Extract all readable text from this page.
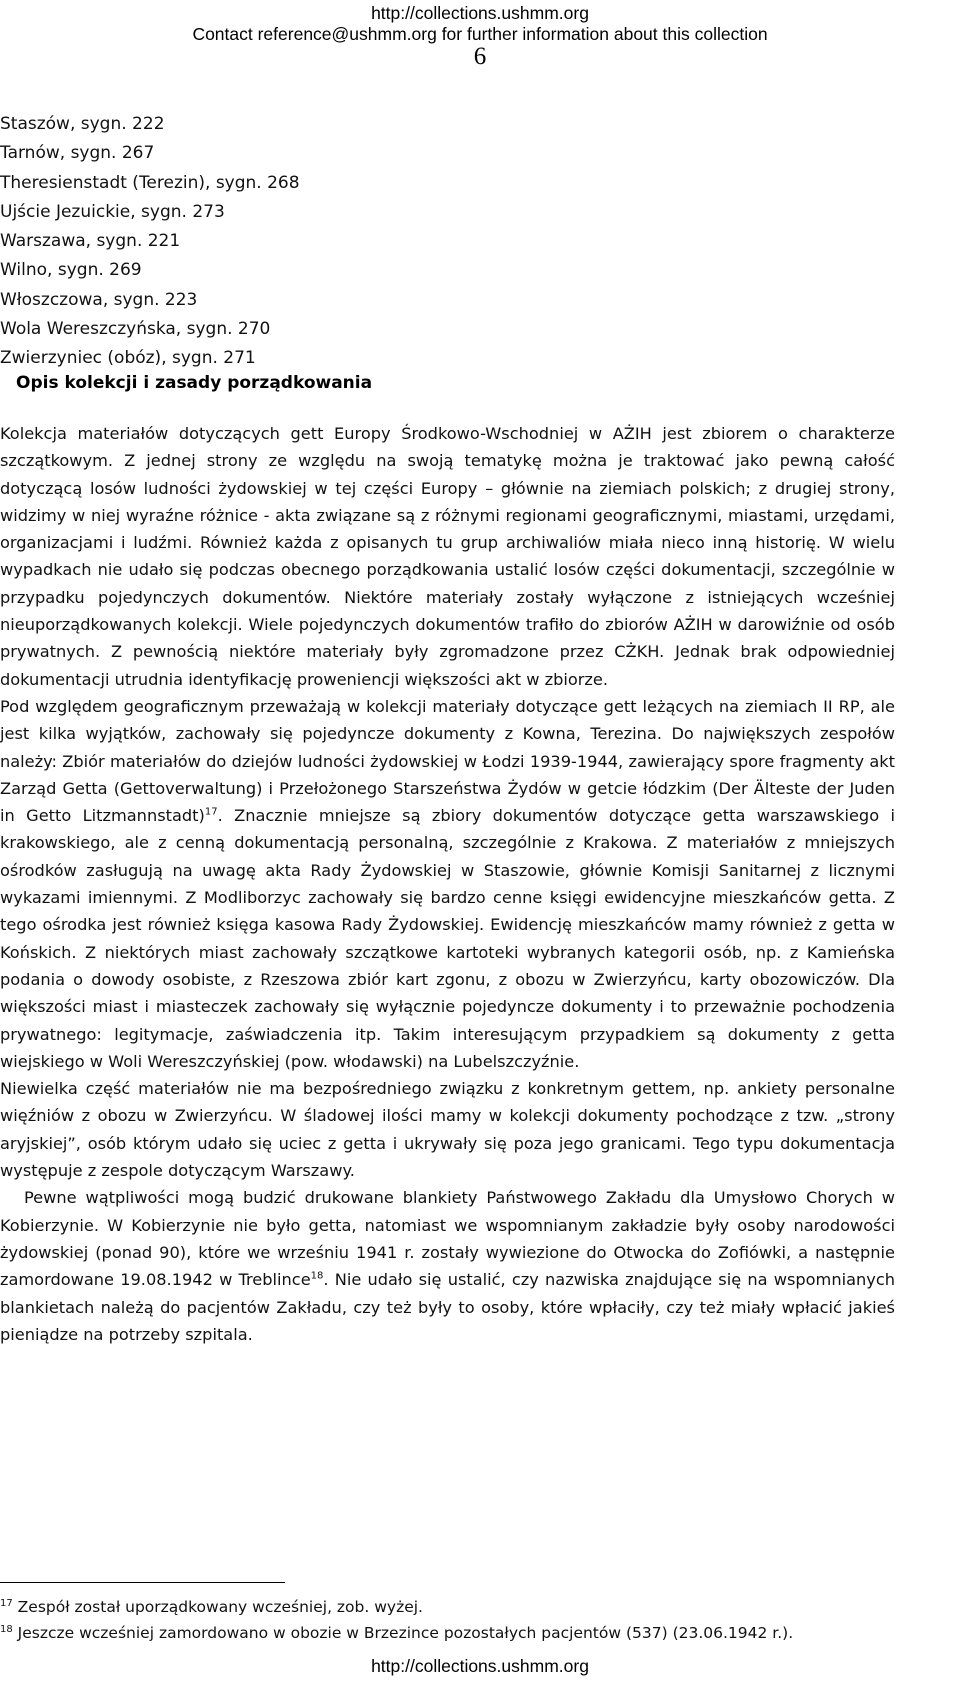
http://collections.ushmm.org
Contact reference@ushmm.org for further information about this collection
6
Staszów, sygn. 222
Tarnów, sygn. 267
Theresienstadt (Terezin), sygn. 268
Ujście Jezuickie, sygn. 273
Warszawa, sygn. 221
Wilno, sygn. 269
Włoszczowa, sygn. 223
Wola Wereszczyńska, sygn. 270
Zwierzyniec (obóz), sygn. 271
Opis kolekcji i zasady porządkowania

Kolekcja materiałów dotyczących gett Europy Środkowo-Wschodniej w AŻIH jest zbiorem o charakterze szczątkowym. Z jednej strony ze względu na swoją tematykę można je traktować jako pewną całość dotyczącą losów ludności żydowskiej w tej części Europy – głównie na ziemiach polskich; z drugiej strony, widzimy w niej wyraźne różnice - akta związane są z różnymi regionami geograficznymi, miastami, urzędami, organizacjami i ludźmi. Również każda z opisanych tu grup archiwaliów miała nieco inną historię. W wielu wypadkach nie udało się podczas obecnego porządkowania ustalić losów części dokumentacji, szczególnie w przypadku pojedynczych dokumentów. Niektóre materiały zostały wyłączone z istniejących wcześniej nieuporządkowanych kolekcji. Wiele pojedynczych dokumentów trafiło do zbiorów AŻIH w darowiźnie od osób prywatnych. Z pewnością niektóre materiały były zgromadzone przez CŻKH. Jednak brak odpowiedniej dokumentacji utrudnia identyfikację proweniencji większości akt w zbiorze.

Pod względem geograficznym przeważają w kolekcji materiały dotyczące gett leżących na ziemiach II RP, ale jest kilka wyjątków, zachowały się pojedyncze dokumenty z Kowna, Terezina. Do największych zespołów należy: Zbiór materiałów do dziejów ludności żydowskiej w Łodzi 1939-1944, zawierający spore fragmenty akt Zarząd Getta (Gettoverwaltung) i Przełożonego Starszeństwa Żydów w getcie łódzkim (Der Älteste der Juden in Getto Litzmannstadt)$^{17}$. Znacznie mniejsze są zbiory dokumentów dotyczące getta warszawskiego i krakowskiego, ale z cenną dokumentacją personalną, szczególnie z Krakowa. Z materiałów z mniejszych ośrodków zasługują na uwagę akta Rady Żydowskiej w Staszowie, głównie Komisji Sanitarnej z licznymi wykazami imiennymi. Z Modliborzyc zachowały się bardzo cenne księgi ewidencyjne mieszkańców getta. Z tego ośrodka jest również księga kasowa Rady Żydowskiej. Ewidencję mieszkańców mamy również z getta w Końskich. Z niektórych miast zachowały szczątkowe kartoteki wybranych kategorii osób, np. z Kamieńska podania o dowody osobiste, z Rzeszowa zbiór kart zgonu, z obozu w Zwierzyńcu, karty obozowiczów. Dla większości miast i miasteczek zachowały się wyłącznie pojedyncze dokumenty i to przeważnie pochodzenia prywatnego: legitymacje, zaświadczenia itp. Takim interesującym przypadkiem są dokumenty z getta wiejskiego w Woli Wereszczyńskiej (pow. włodawski) na Lubelszczyźnie.

Niewielka część materiałów nie ma bezpośredniego związku z konkretnym gettem, np. ankiety personalne więźniów z obozu w Zwierzyńcu. W śladowej ilości mamy w kolekcji dokumenty pochodzące z tzw. „strony aryjskiej”, osób którym udało się uciec z getta i ukrywały się poza jego granicami. Tego typu dokumentacja występuje z zespole dotyczącym Warszawy.

Pewne wątpliwości mogą budzić drukowane blankiety Państwowego Zakładu dla Umysłowo Chorych w Kobierzynie. W Kobierzynie nie było getta, natomiast we wspomnianym zakładzie były osoby narodowości żydowskiej (ponad 90), które we wrześniu 1941 r. zostały wywiezione do Otwocka do Zofiówki, a następnie zamordowane 19.08.1942 w Treblince$^{18}$. Nie udało się ustalić, czy nazwiska znajdujące się na wspomnianych blankietach należą do pacjentów Zakładu, czy też były to osoby, które wpłaciły, czy też miały wpłacić jakieś pieniądze na potrzeby szpitala.

$^{17}$ Zespół został uporządkowany wcześniej, zob. wyżej.
$^{18}$ Jeszcze wcześniej zamordowano w obozie w Brzezince pozostałych pacjentów (537) (23.06.1942 r.).
http://collections.ushmm.org
